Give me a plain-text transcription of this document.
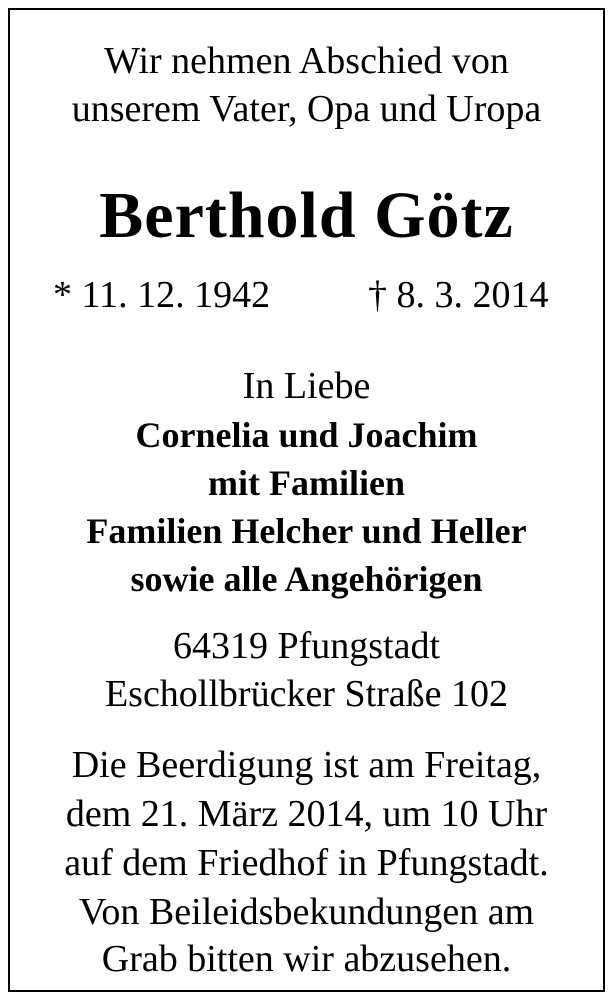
Wir nehmen Abschied von

unserem Vater, Opa und Uropa

Berthold Götz

* 11. 12. 1942	† 8. 3. 2014

In Liebe

Cornelia und Joachim

mit Familien

Familien Helcher und Heller

sowie alle Angehörigen

64319 Pfungstadt

Eschollbrücker Straße 102

Die Beerdigung ist am Freitag,

dem 21. März 2014, um 10 Uhr

auf dem Friedhof in Pfungstadt.

Von Beileidsbekundungen am

Grab bitten wir abzusehen.
